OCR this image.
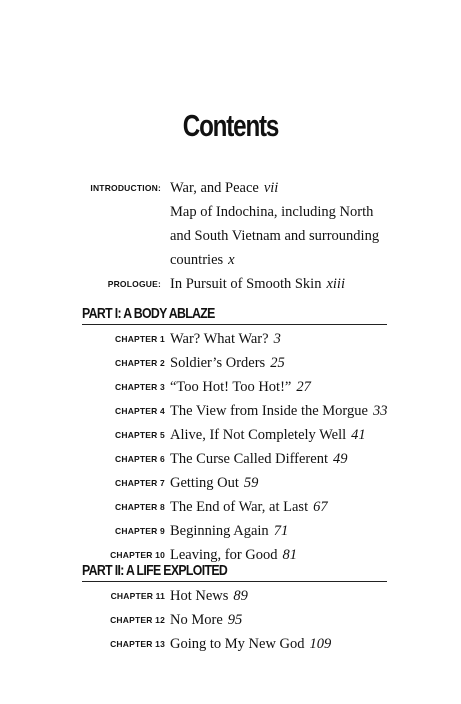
Contents
INTRODUCTION: War, and Peace vii
Map of Indochina, including North
and South Vietnam and surrounding
countries x
PROLOGUE: In Pursuit of Smooth Skin xiii
PART I: A BODY ABLAZE
CHAPTER 1 War? What War? 3
CHAPTER 2 Soldier’s Orders 25
CHAPTER 3 “Too Hot! Too Hot!” 27
CHAPTER 4 The View from Inside the Morgue 33
CHAPTER 5 Alive, If Not Completely Well 41
CHAPTER 6 The Curse Called Different 49
CHAPTER 7 Getting Out 59
CHAPTER 8 The End of War, at Last 67
CHAPTER 9 Beginning Again 71
CHAPTER 10 Leaving, for Good 81
PART II: A LIFE EXPLOITED
CHAPTER 11 Hot News 89
CHAPTER 12 No More 95
CHAPTER 13 Going to My New God 109
